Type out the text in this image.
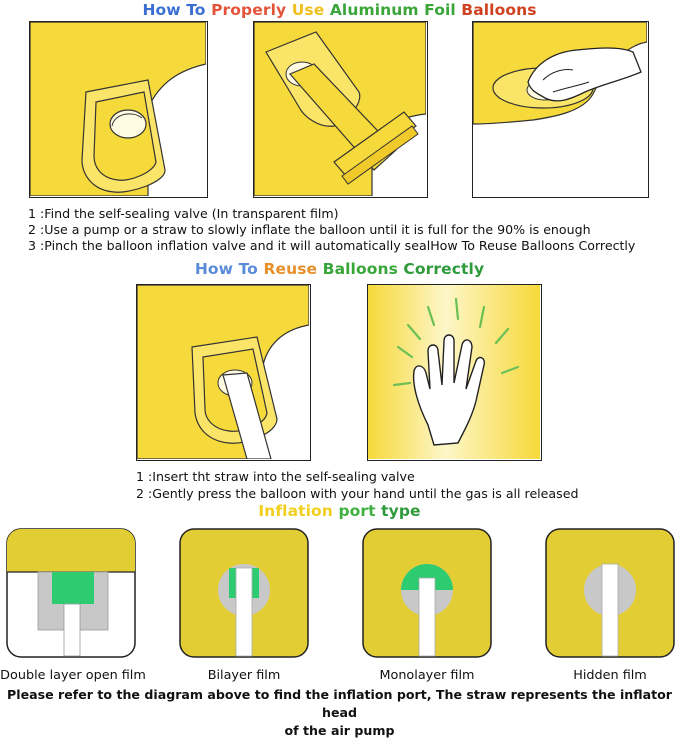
How To Properly Use Aluminum Foil Balloons
1 :Find the self-sealing valve (In transparent film)
2 :Use a pump or a straw to slowly inflate the balloon until it is full for the 90% is enough
3 :Pinch the balloon inflation valve and it will automatically sealHow To Reuse Balloons Correctly
How To Reuse Balloons Correctly
1 :Insert tht straw into the self-sealing valve
2 :Gently press the balloon with your hand until the gas is all released
Inflation port type
Double layer open film	Bilayer film	Monolayer film	Hidden film
Please refer to the diagram above to find the inflation port, The straw represents the inflator head
of the air pump
